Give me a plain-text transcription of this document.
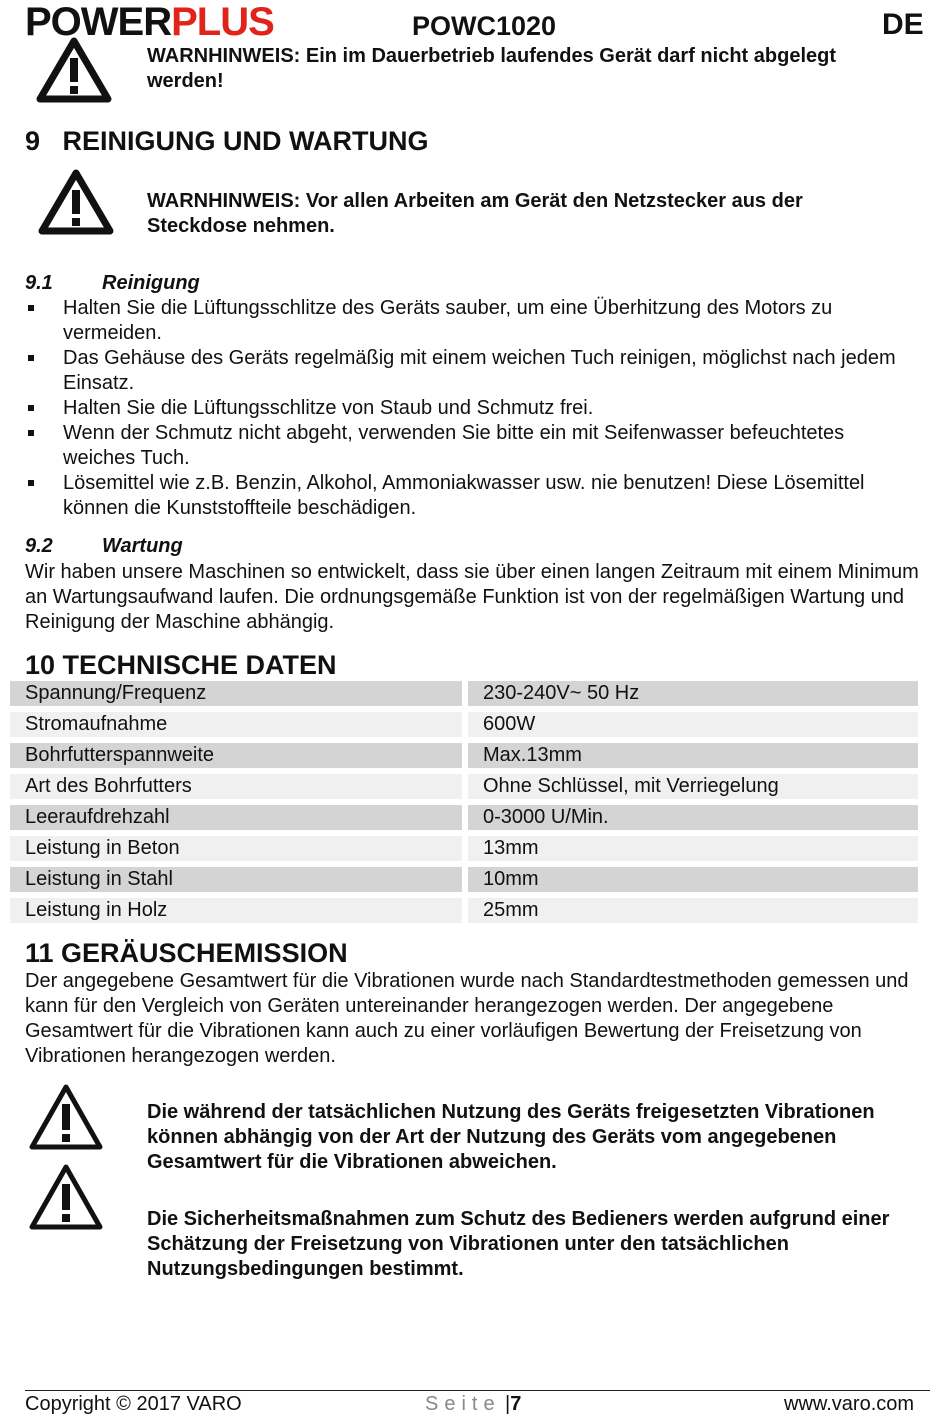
POWERPLUS	POWC1020	DE
WARNHINWEIS: Ein im Dauerbetrieb laufendes Gerät darf nicht abgelegt werden!
9   REINIGUNG UND WARTUNG
WARNHINWEIS: Vor allen Arbeiten am Gerät den Netzstecker aus der Steckdose nehmen.
9.1 Reinigung
Halten Sie die Lüftungsschlitze des Geräts sauber, um eine Überhitzung des Motors zu vermeiden.
Das Gehäuse des Geräts regelmäßig mit einem weichen Tuch reinigen, möglichst nach jedem Einsatz.
Halten Sie die Lüftungsschlitze von Staub und Schmutz frei.
Wenn der Schmutz nicht abgeht, verwenden Sie bitte ein mit Seifenwasser befeuchtetes weiches Tuch.
Lösemittel wie z.B. Benzin, Alkohol, Ammoniakwasser usw. nie benutzen! Diese Lösemittel können die Kunststoffteile beschädigen.
9.2 Wartung
Wir haben unsere Maschinen so entwickelt, dass sie über einen langen Zeitraum mit einem Minimum an Wartungsaufwand laufen. Die ordnungsgemäße Funktion ist von der regelmäßigen Wartung und Reinigung der Maschine abhängig.
10 TECHNISCHE DATEN
Spannung/Frequenz	230-240V~ 50 Hz
Stromaufnahme	600W
Bohrfutterspannweite	Max.13mm
Art des Bohrfutters	Ohne Schlüssel, mit Verriegelung
Leeraufdrehzahl	0-3000 U/Min.
Leistung in Beton	13mm
Leistung in Stahl	10mm
Leistung in Holz	25mm
11 GERÄUSCHEMISSION
Der angegebene Gesamtwert für die Vibrationen wurde nach Standardtestmethoden gemessen und kann für den Vergleich von Geräten untereinander herangezogen werden. Der angegebene Gesamtwert für die Vibrationen kann auch zu einer vorläufigen Bewertung der Freisetzung von Vibrationen herangezogen werden.
Die während der tatsächlichen Nutzung des Geräts freigesetzten Vibrationen können abhängig von der Art der Nutzung des Geräts vom angegebenen Gesamtwert für die Vibrationen abweichen.
Die Sicherheitsmaßnahmen zum Schutz des Bedieners werden aufgrund einer Schätzung der Freisetzung von Vibrationen unter den tatsächlichen Nutzungsbedingungen bestimmt.
Copyright © 2017 VARO	Seite |7	www.varo.com
